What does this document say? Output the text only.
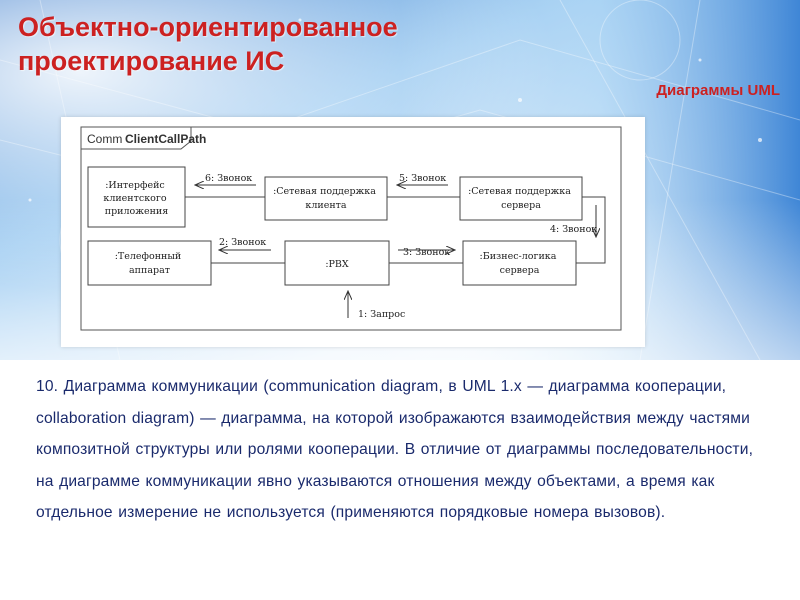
Объектно-ориентированное проектирование ИС
Диаграммы UML
Comm ClientCallPath
:Интерфейс клиентского приложения
:Сетевая поддержка клиента
:Сетевая поддержка сервера
:Телефонный аппарат
:PBX
:Бизнес-логика сервера
1: Запрос
2: Звонок
3: Звонок
4: Звонок
5: Звонок
6: Звонок
10. Диаграмма коммуникации (communication diagram, в UML 1.x — диаграмма кооперации, collaboration diagram) — диаграмма, на которой изображаются взаимодействия между частями композитной структуры или ролями кооперации. В отличие от диаграммы последовательности, на диаграмме коммуникации явно указываются отношения между объектами, а время как отдельное измерение не используется (применяются порядковые номера вызовов).
